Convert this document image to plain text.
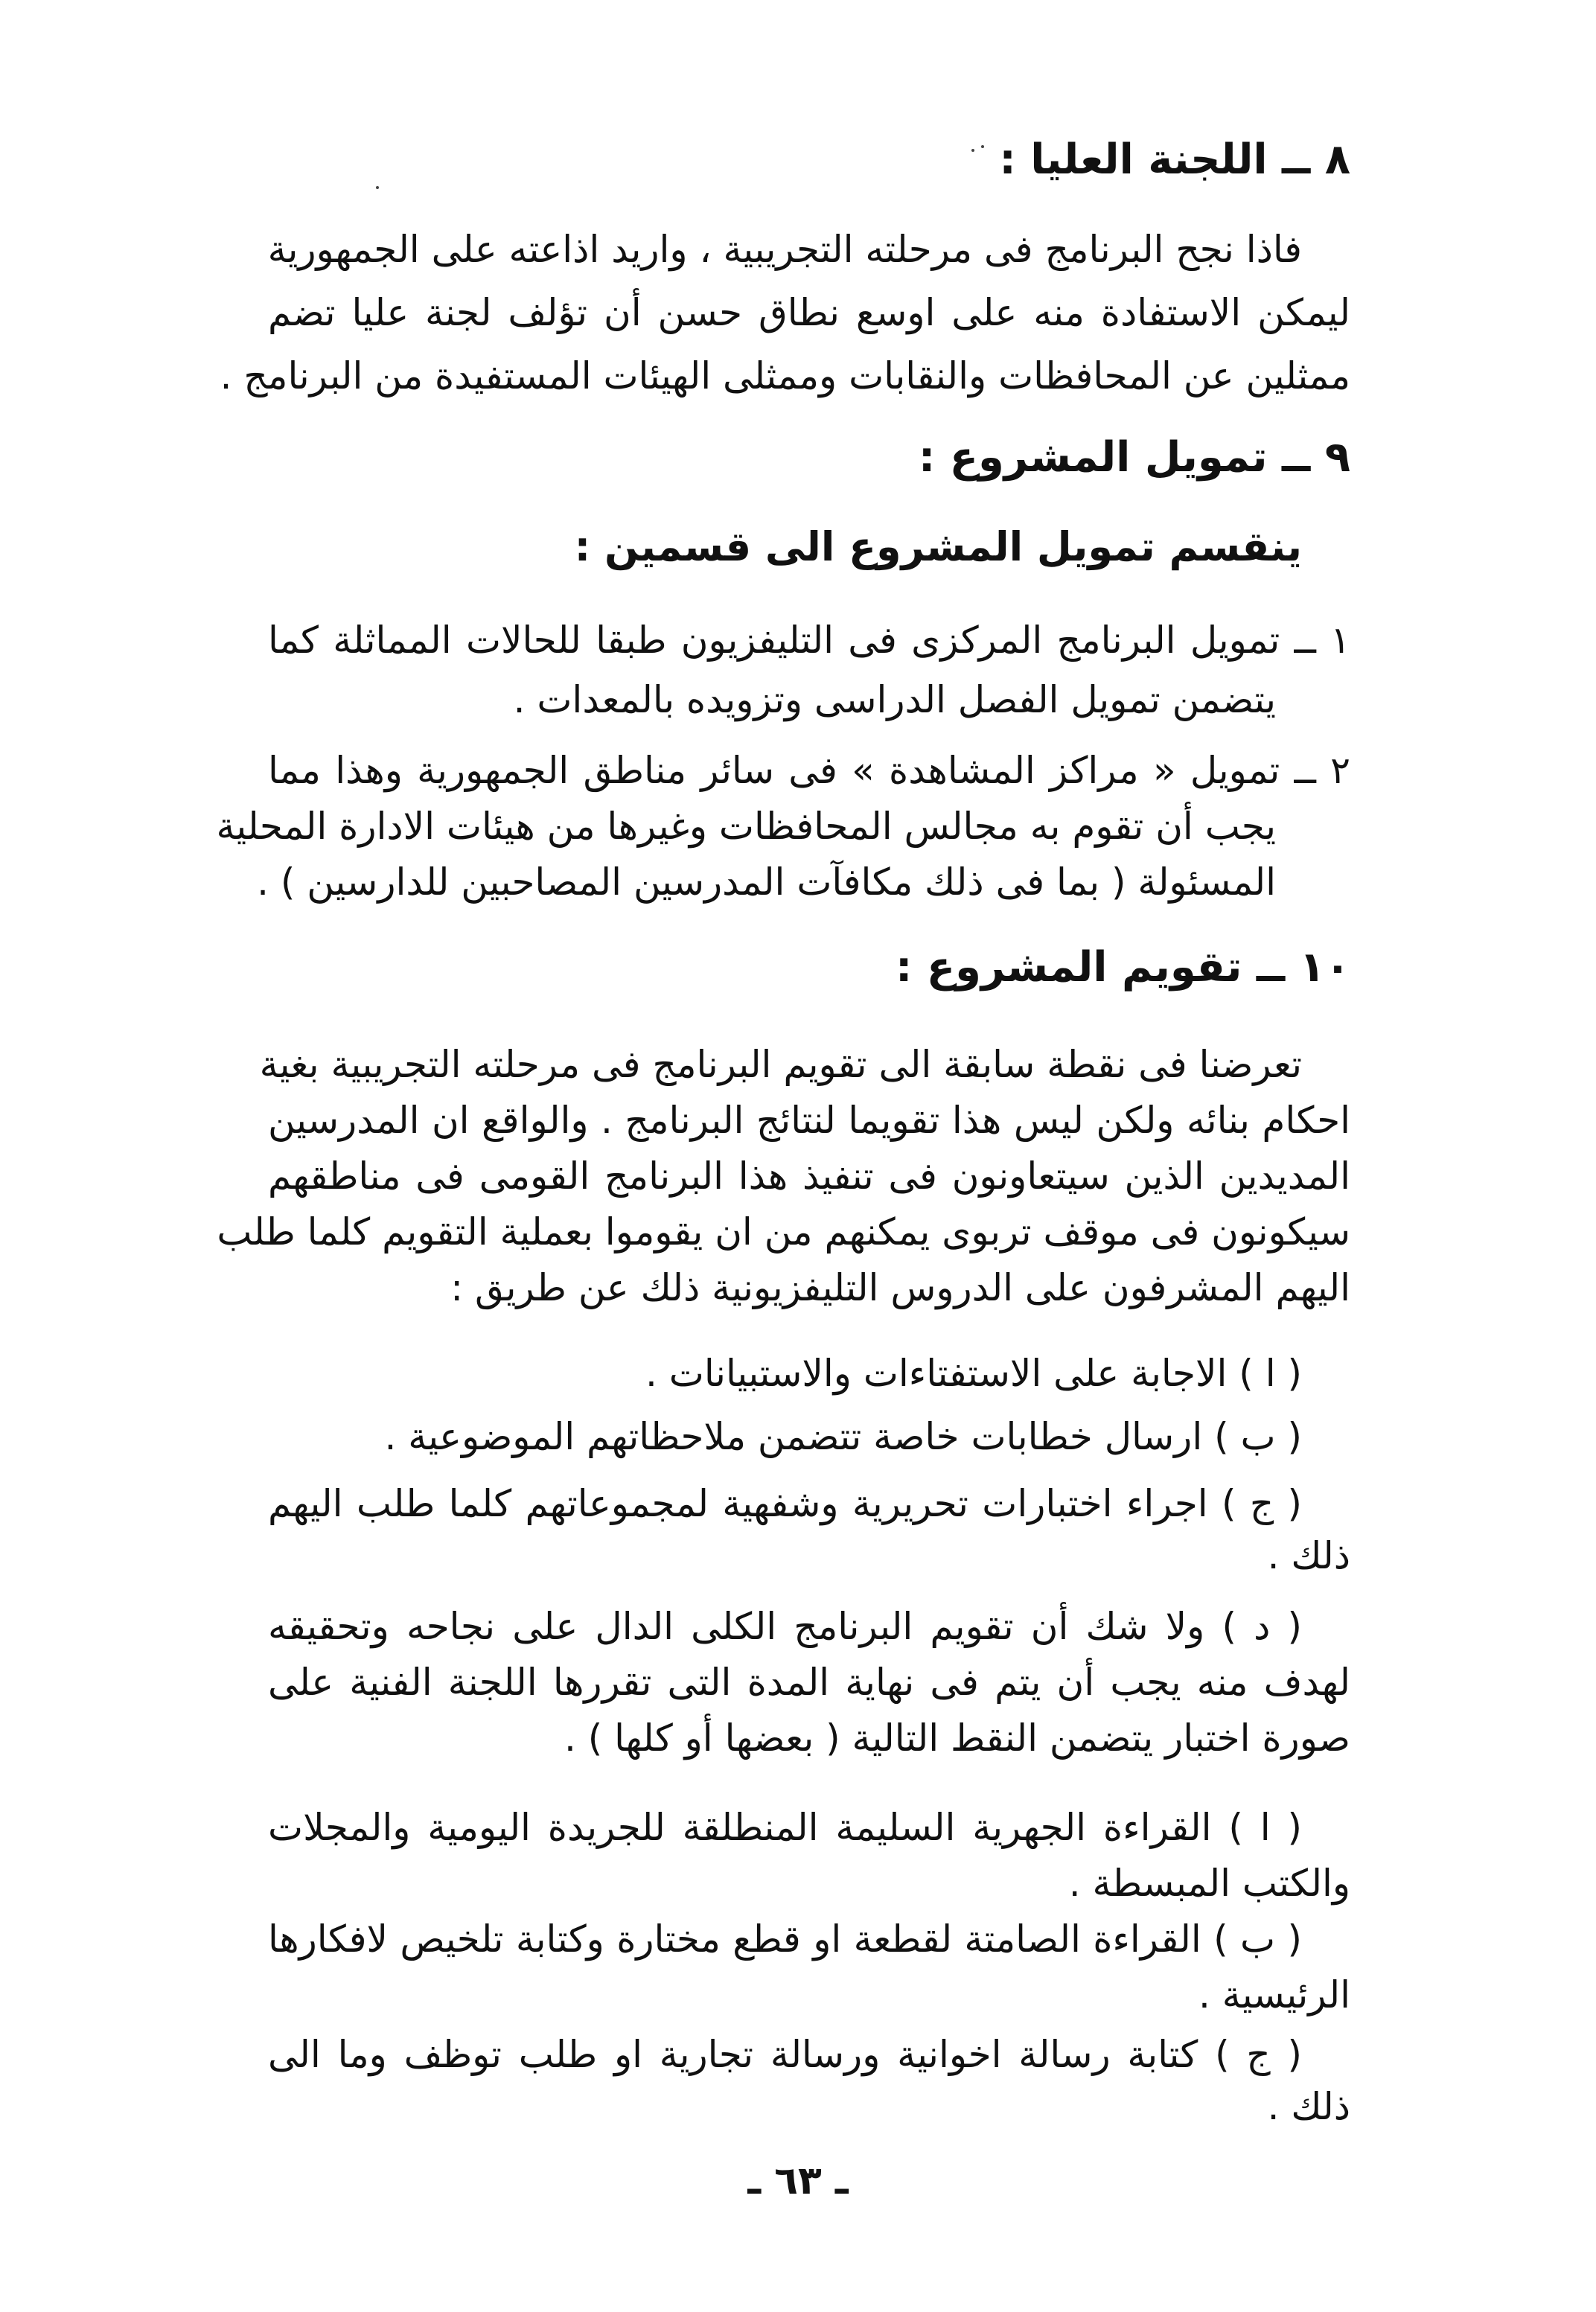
٨ ــ اللجنة العليا :
فاذا نجح البرنامج فى مرحلته التجريبية ، واريد اذاعته على الجمهورية
ليمكن الاستفادة منه على اوسع نطاق حسن أن تؤلف لجنة عليا تضم
ممثلين عن المحافظات والنقابات وممثلى الهيئات المستفيدة من البرنامج .
٩ ــ تمويل المشروع :
ينقسم تمويل المشروع الى قسمين :
١ ــ تمويل البرنامج المركزى فى التليفزيون طبقا للحالات المماثلة كما
يتضمن تمويل الفصل الدراسى وتزويده بالمعدات .
٢ ــ تمويل « مراكز المشاهدة » فى سائر مناطق الجمهورية وهذا مما
يجب أن تقوم به مجالس المحافظات وغيرها من هيئات الادارة المحلية
المسئولة ( بما فى ذلك مكافآت المدرسين المصاحبين للدارسين ) .
١٠ ــ تقويم المشروع :
تعرضنا فى نقطة سابقة الى تقويم البرنامج فى مرحلته التجريبية بغية
احكام بنائه ولكن ليس هذا تقويما لنتائج البرنامج . والواقع ان المدرسين
المديدين الذين سيتعاونون فى تنفيذ هذا البرنامج القومى فى مناطقهم
سيكونون فى موقف تربوى يمكنهم من ان يقوموا بعملية التقويم كلما طلب
اليهم المشرفون على الدروس التليفزيونية ذلك عن طريق :
( ا ) الاجابة على الاستفتاءات والاستبيانات .
( ب ) ارسال خطابات خاصة تتضمن ملاحظاتهم الموضوعية .
( ج ) اجراء اختبارات تحريرية وشفهية لمجموعاتهم كلما طلب اليهم
ذلك .
( د ) ولا شك أن تقويم البرنامج الكلى الدال على نجاحه وتحقيقه
لهدف منه يجب أن يتم فى نهاية المدة التى تقررها اللجنة الفنية على
صورة اختبار يتضمن النقط التالية ( بعضها أو كلها ) .
( ا ) القراءة الجهرية السليمة المنطلقة للجريدة اليومية والمجلات
والكتب المبسطة .
( ب ) القراءة الصامتة لقطعة او قطع مختارة وكتابة تلخيص لافكارها
الرئيسية .
( ج ) كتابة رسالة اخوانية ورسالة تجارية او طلب توظف وما الى
ذلك .
ـ ٦٣ ـ
